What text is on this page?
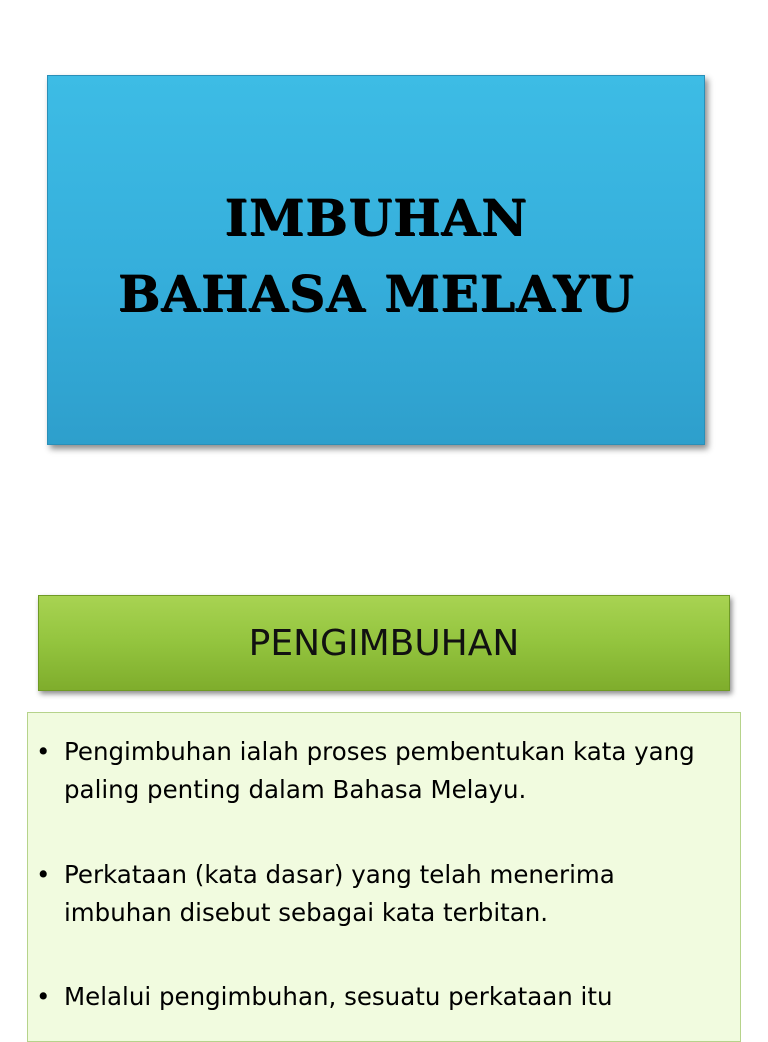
IMBUHAN
BAHASA MELAYU
PENGIMBUHAN
• Pengimbuhan ialah proses pembentukan kata yang paling penting dalam Bahasa Melayu.
• Perkataan (kata dasar) yang telah menerima imbuhan disebut sebagai kata terbitan.
• Melalui pengimbuhan, sesuatu perkataan itu
